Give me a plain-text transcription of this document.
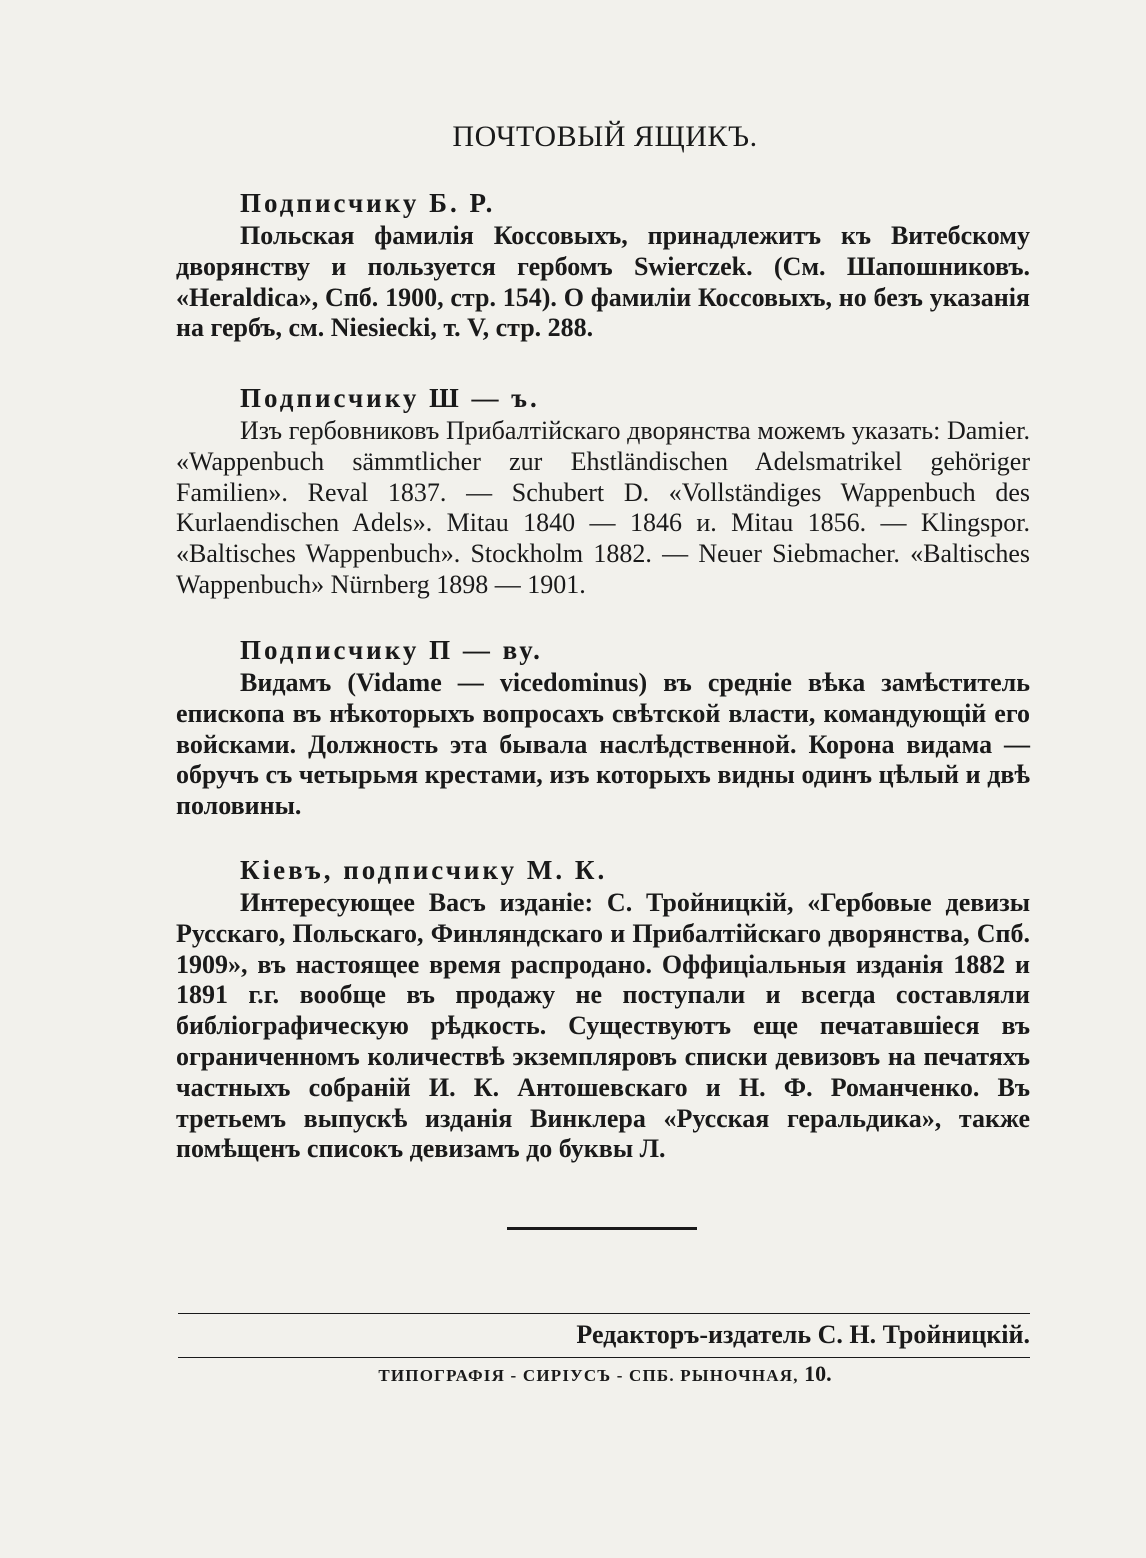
ПОЧТОВЫЙ ЯЩИКЪ.
Подписчику Б. Р.
Польская фамилія Коссовыхъ, принадлежитъ къ Витебскому дворянству и пользуется гербомъ Swierczek. (См. Шапошниковъ. «Heraldica», Спб. 1900, стр. 154). О фамиліи Коссовыхъ, но безъ указанія на гербъ, см. Niesiecki, т. V, стр. 288.
Подписчику Ш — ъ.
Изъ гербовниковъ Прибалтійскаго дворянства можемъ указать: Damier. «Wappenbuch sämmtlicher zur Ehstländischen Adelsmatrikel gehöriger Familien». Reval 1837. — Schubert D. «Vollständiges Wappenbuch des Kurlaendischen Adels». Mitau 1840 — 1846 и. Mitau 1856. — Klingspor. «Baltisches Wappenbuch». Stockholm 1882. — Neuer Siebmacher. «Baltisches Wappenbuch» Nürnberg 1898 — 1901.
Подписчику П — ву.
Видамъ (Vidame — vicedominus) въ средніе вѣка замѣститель епископа въ нѣкоторыхъ вопросахъ свѣтской власти, командующій его войсками. Должность эта бывала наслѣдственной. Корона видама — обручъ съ четырьмя крестами, изъ которыхъ видны одинъ цѣлый и двѣ половины.
Кіевъ, подписчику М. К.
Интересующее Васъ изданіе: С. Тройницкій, «Гербовые девизы Русскаго, Польскаго, Финляндскаго и Прибалтійскаго дворянства, Спб. 1909», въ настоящее время распродано. Оффиціальныя изданія 1882 и 1891 г.г. вообще въ продажу не поступали и всегда составляли библіографическую рѣдкость. Существуютъ еще печатавшіеся въ ограниченномъ количествѣ экземпляровъ списки девизовъ на печатяхъ частныхъ собраній И. К. Антошевскаго и Н. Ф. Романченко. Въ третьемъ выпускѣ изданія Винклера «Русская геральдика», также помѣщенъ списокъ девизамъ до буквы Л.
Редакторъ-издатель С. Н. Тройницкій.
ТИПОГРАФІЯ - СИРІУСЪ - СПБ. РЫНОЧНАЯ, 10.
